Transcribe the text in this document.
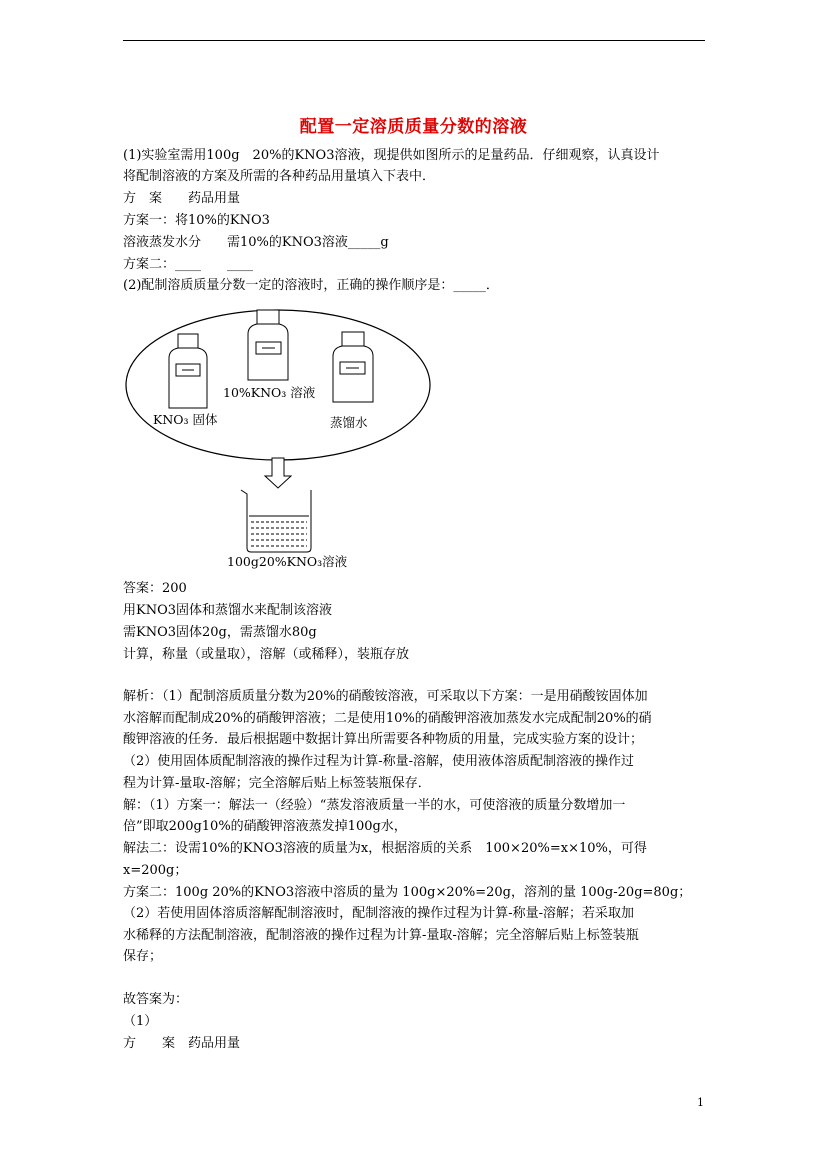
配置一定溶质质量分数的溶液
(1)实验室需用100g　20%的KNO3溶液，现提供如图所示的足量药品．仔细观察，认真设计
将配制溶液的方案及所需的各种药品用量填入下表中．
方　案　　药品用量
方案一：将10%的KNO3
溶液蒸发水分　　需10%的KNO3溶液_____g
方案二：____　　____
(2)配制溶质质量分数一定的溶液时，正确的操作顺序是：_____．
10%KNO₃ 溶液
KNO₃ 固体	蒸馏水
100g20%KNO₃溶液
答案：200
用KNO3固体和蒸馏水来配制该溶液
需KNO3固体20g，需蒸馏水80g
计算，称量（或量取），溶解（或稀释），装瓶存放
解析：（1）配制溶质质量分数为20%的硝酸铵溶液，可采取以下方案：一是用硝酸铵固体加
水溶解而配制成20%的硝酸钾溶液；二是使用10%的硝酸钾溶液加蒸发水完成配制20%的硝
酸钾溶液的任务．最后根据题中数据计算出所需要各种物质的用量，完成实验方案的设计；
（2）使用固体质配制溶液的操作过程为计算-称量-溶解，使用液体溶质配制溶液的操作过
程为计算-量取-溶解；完全溶解后贴上标签装瓶保存．
解：（1）方案一：解法一（经验）“蒸发溶液质量一半的水，可使溶液的质量分数增加一
倍”即取200g10%的硝酸钾溶液蒸发掉100g水，
解法二：设需10%的KNO3溶液的质量为x，根据溶质的关系　100×20%=x×10%，可得
x=200g；
方案二：100g 20%的KNO3溶液中溶质的量为 100g×20%=20g，溶剂的量 100g-20g=80g；
（2）若使用固体溶质溶解配制溶液时，配制溶液的操作过程为计算-称量-溶解；若采取加
水稀释的方法配制溶液，配制溶液的操作过程为计算-量取-溶解；完全溶解后贴上标签装瓶
保存；
故答案为：
（1）
方　　案　药品用量
1
